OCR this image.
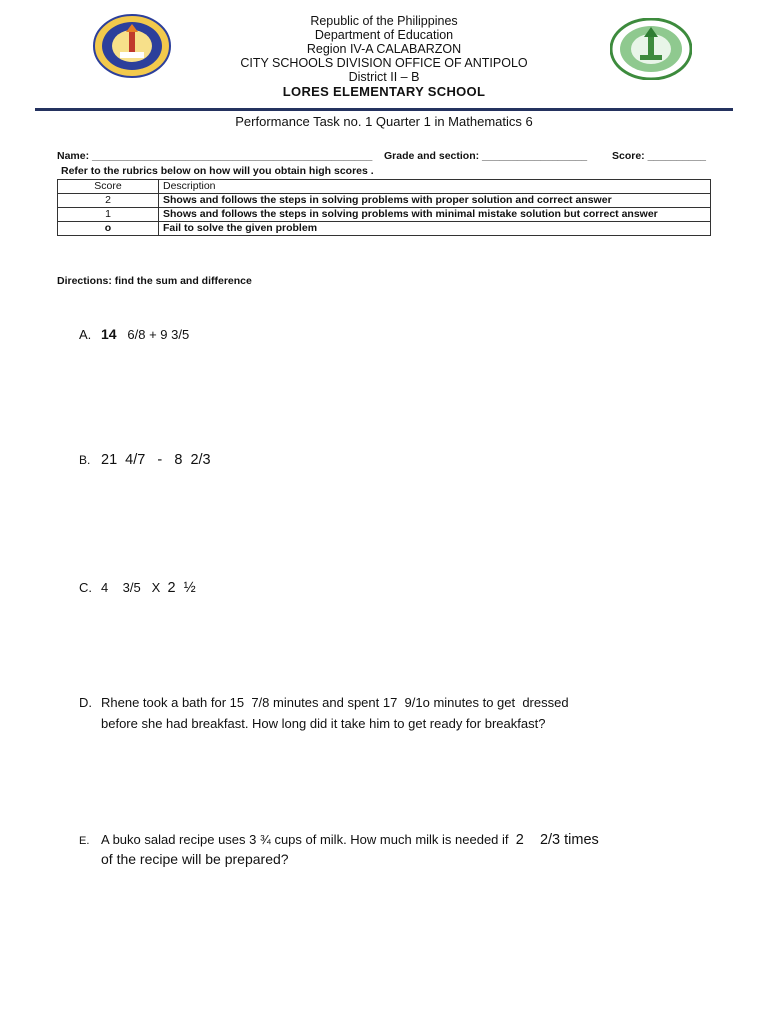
Republic of the Philippines
Department of Education
Region IV-A CALABARZON
CITY SCHOOLS DIVISION OFFICE OF ANTIPOLO
District II – B
LORES ELEMENTARY SCHOOL
Performance Task no. 1 Quarter 1 in Mathematics 6
Name: ________________________________________________ Grade and section: __________________ Score: __________
Refer to the rubrics below on how will you obtain high scores .
Score	Description
2	Shows and follows the steps in solving problems with proper solution and correct answer
1	Shows and follows the steps in solving problems with minimal mistake solution but correct answer
o	Fail to solve the given problem
Directions: find the sum and difference
A. 14 6/8 + 9 3/5
B. 21  4/7   -   8  2/3
C. 4    3/5   X 2  ½
D. Rhene took a bath for 15  7/8 minutes and spent 17  9/1o minutes to get  dressed
before she had breakfast. How long did it take him to get ready for breakfast?
E. A buko salad recipe uses 3 ¾ cups of milk. How much milk is needed if 2    2/3 times
of the recipe will be prepared?
